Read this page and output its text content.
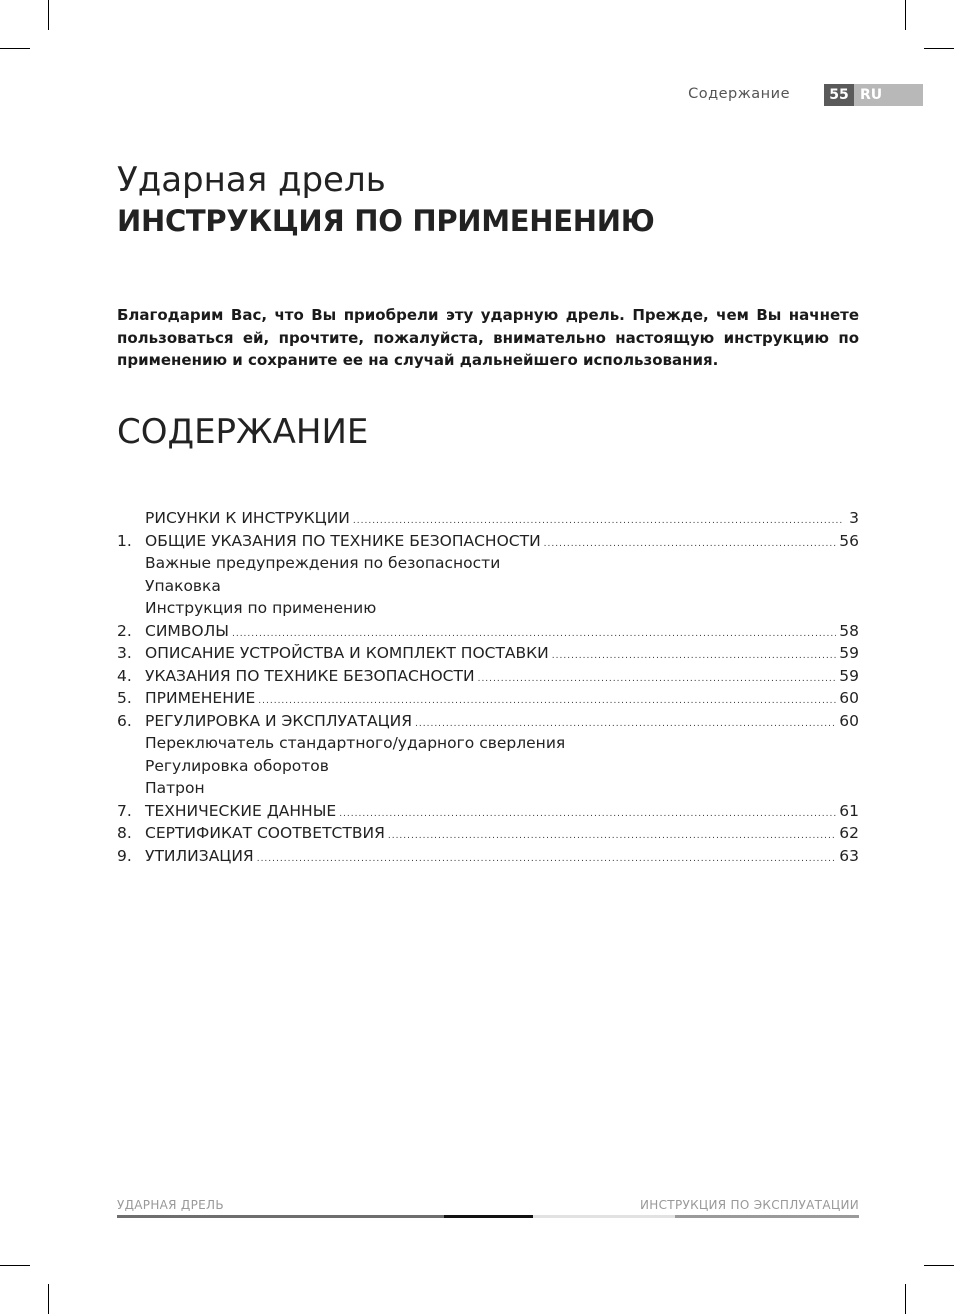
Содержание	55 RU
Ударная дрель
ИНСТРУКЦИЯ ПО ПРИМЕНЕНИЮ
Благодарим Вас, что Вы приобрели эту ударную дрель. Прежде, чем Вы начнете пользоваться ей, прочтите, пожалуйста, внимательно настоящую инструкцию по применению и сохраните ее на случай дальнейшего использования.
СОДЕРЖАНИЕ
РИСУНКИ К ИНСТРУКЦИИ .....	3
1. ОБЩИЕ УКАЗАНИЯ ПО ТЕХНИКЕ БЕЗОПАСНОСТИ .....	56
Важные предупреждения по безопасности
Упаковка
Инструкция по применению
2. СИМВОЛЫ .....	58
3. ОПИСАНИЕ УСТРОЙСТВА И КОМПЛЕКТ ПОСТАВКИ .....	59
4. УКАЗАНИЯ ПО ТЕХНИКЕ БЕЗОПАСНОСТИ .....	59
5. ПРИМЕНЕНИЕ .....	60
6. РЕГУЛИРОВКА И ЭКСПЛУАТАЦИЯ .....	60
Переключатель стандартного/ударного сверления
Регулировка оборотов
Патрон
7. ТЕХНИЧЕСКИЕ ДАННЫЕ .....	61
8. СЕРТИФИКАТ СООТВЕТСТВИЯ .....	62
9. УТИЛИЗАЦИЯ .....	63
УДАРНАЯ ДРЕЛЬ	ИНСТРУКЦИЯ ПО ЭКСПЛУАТАЦИИ
